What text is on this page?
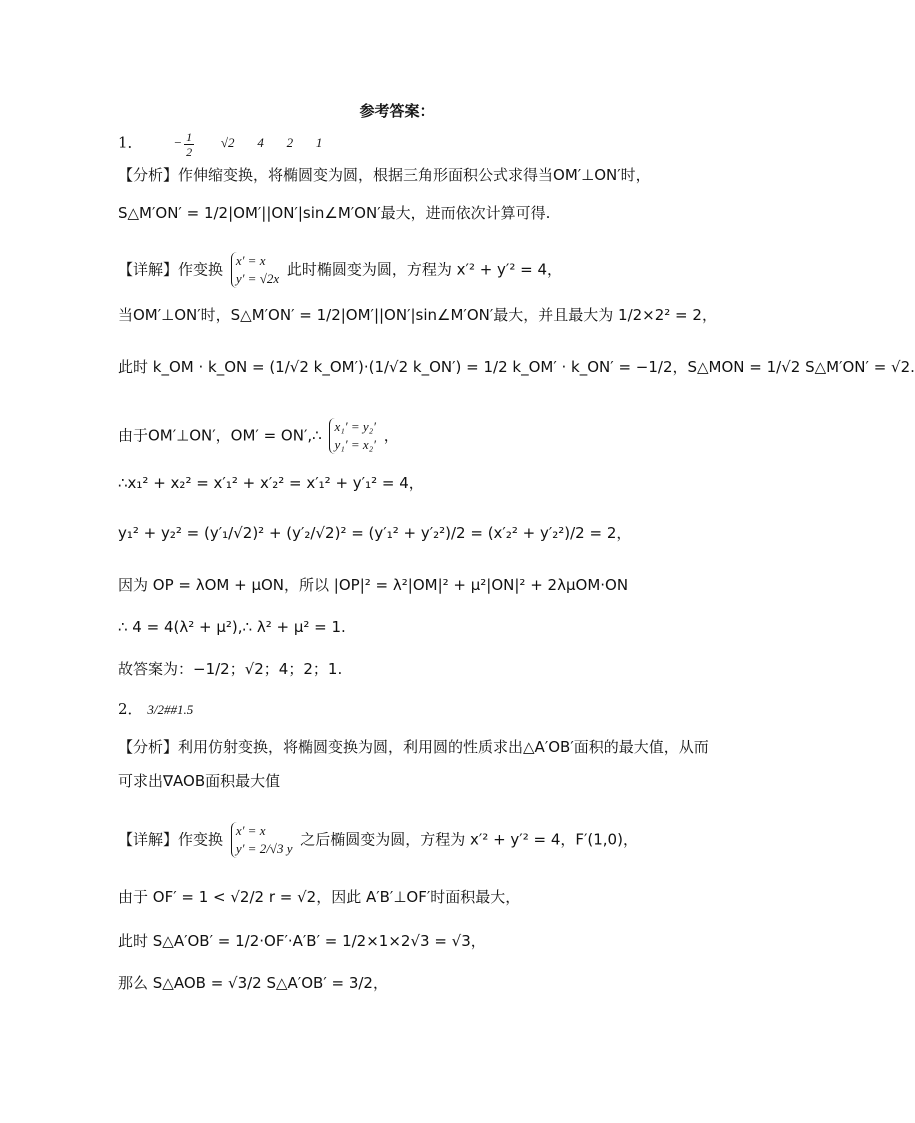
参考答案：
1． − $\frac{1}{2} √2$ 4 2 1
【分析】作伸缩变换，将椭圆变为圆，根据三角形面积公式求得当OM′⊥ON′时，
S△M′ON′ = 1/2|OM′||ON′|sin∠M′ON′最大，进而依次计算可得.
【详解】作变换 x′ = x
y′ = √2x 此时椭圆变为圆，方程为 x′² + y′² = 4，
当OM′⊥ON′时，S△M′ON′ = 1/2|OM′||ON′|sin∠M′ON′最大，并且最大为 1/2×2² = 2，
此时 k_OM · k_ON = (1/√2 k_OM′)·(1/√2 k_ON′) = 1/2 k_OM′ · k_ON′ = −1/2，S△MON = 1/√2 S△M′ON′ = √2.
由于OM′⊥ON′，OM′ = ON′,∴ x₁′ = y₂′
y₁′ = x₂′ ，
∴x₁² + x₂² = x′₁² + x′₂² = x′₁² + y′₁² = 4，
y₁² + y₂² = (y′₁/√2)² + (y′₂/√2)² = (y′₁² + y′₂²)/2 = (x′₂² + y′₂²)/2 = 2，
因为 OP = λOM + μON，所以 |OP|² = λ²|OM|² + μ²|ON|² + 2λμOM·ON
∴ 4 = 4(λ² + μ²),∴ λ² + μ² = 1.
故答案为：−1/2；√2；4；2；1.
2． 3/2##1.5
【分析】利用仿射变换，将椭圆变换为圆，利用圆的性质求出△A′OB′面积的最大值，从而
可求出∇AOB面积最大值
【详解】作变换 x′ = x
y′ = 2/√3 y 之后椭圆变为圆，方程为 x′² + y′² = 4，F′(1,0)，
由于 OF′ = 1 < √2/2 r = √2，因此 A′B′⊥OF′时面积最大，
此时 S△A′OB′ = 1/2·OF′·A′B′ = 1/2×1×2√3 = √3，
那么 S△AOB = √3/2 S△A′OB′ = 3/2，
